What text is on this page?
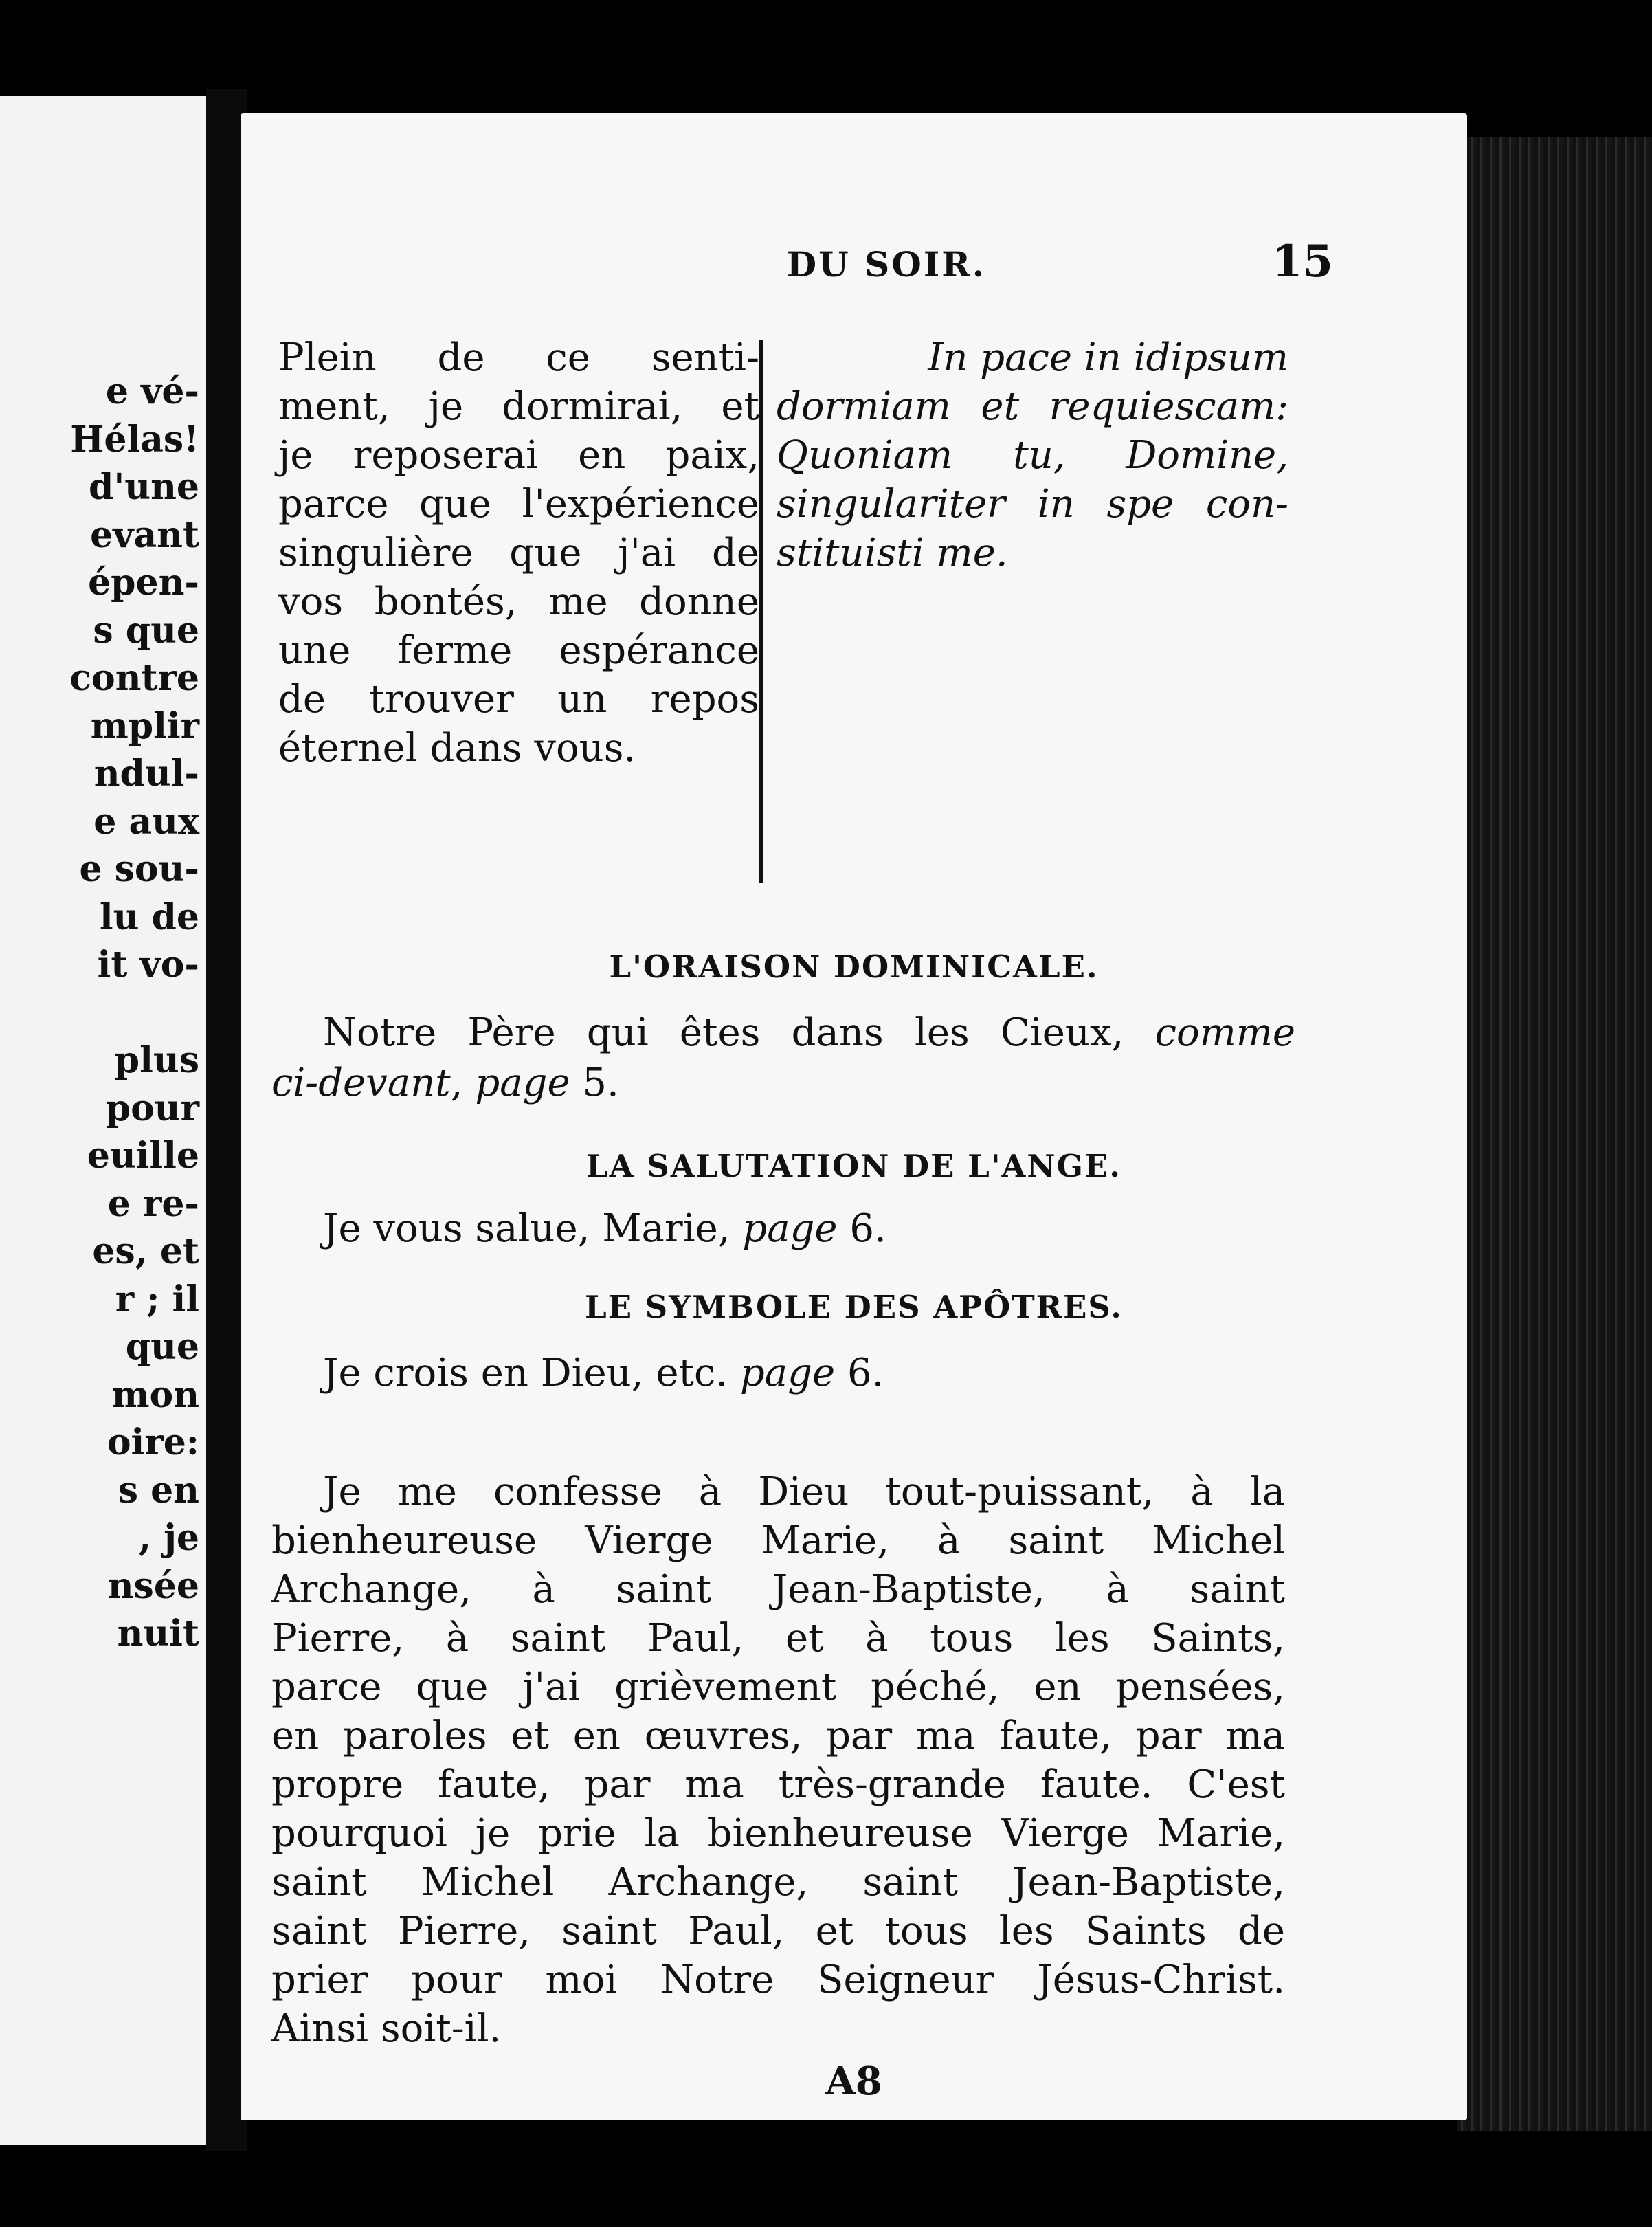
e vé-
Hélas!
d'une
evant
épen-
s que
contre
mplir
ndul-
e aux
e sou-
lu de
it vo-

plus
pour
euille
e re-
es, et
r ; il
que
mon
oire:
s en
, je
nsée
nuit
DU SOIR.	15
Plein de ce senti-
ment, je dormirai, et
je reposerai en paix,
parce que l'expérience
singulière que j'ai de
vos bontés, me donne
une ferme espérance
de trouver un repos
éternel dans vous.
In pace in idipsum
dormiam et requiescam:
Quoniam tu, Domine,
singulariter in spe con-
stituisti me.
L'ORAISON DOMINICALE.
Notre Père qui êtes dans les Cieux, comme
ci-devant, page 5.
LA SALUTATION DE L'ANGE.
Je vous salue, Marie, page 6.
LE SYMBOLE DES APÔTRES.
Je crois en Dieu, etc. page 6.
Je me confesse à Dieu tout-puissant, à la
bienheureuse Vierge Marie, à saint Michel
Archange, à saint Jean-Baptiste, à saint
Pierre, à saint Paul, et à tous les Saints,
parce que j'ai grièvement péché, en pensées,
en paroles et en œuvres, par ma faute, par ma
propre faute, par ma très-grande faute. C'est
pourquoi je prie la bienheureuse Vierge Marie,
saint Michel Archange, saint Jean-Baptiste,
saint Pierre, saint Paul, et tous les Saints de
prier pour moi Notre Seigneur Jésus-Christ.
Ainsi soit-il.
A8
